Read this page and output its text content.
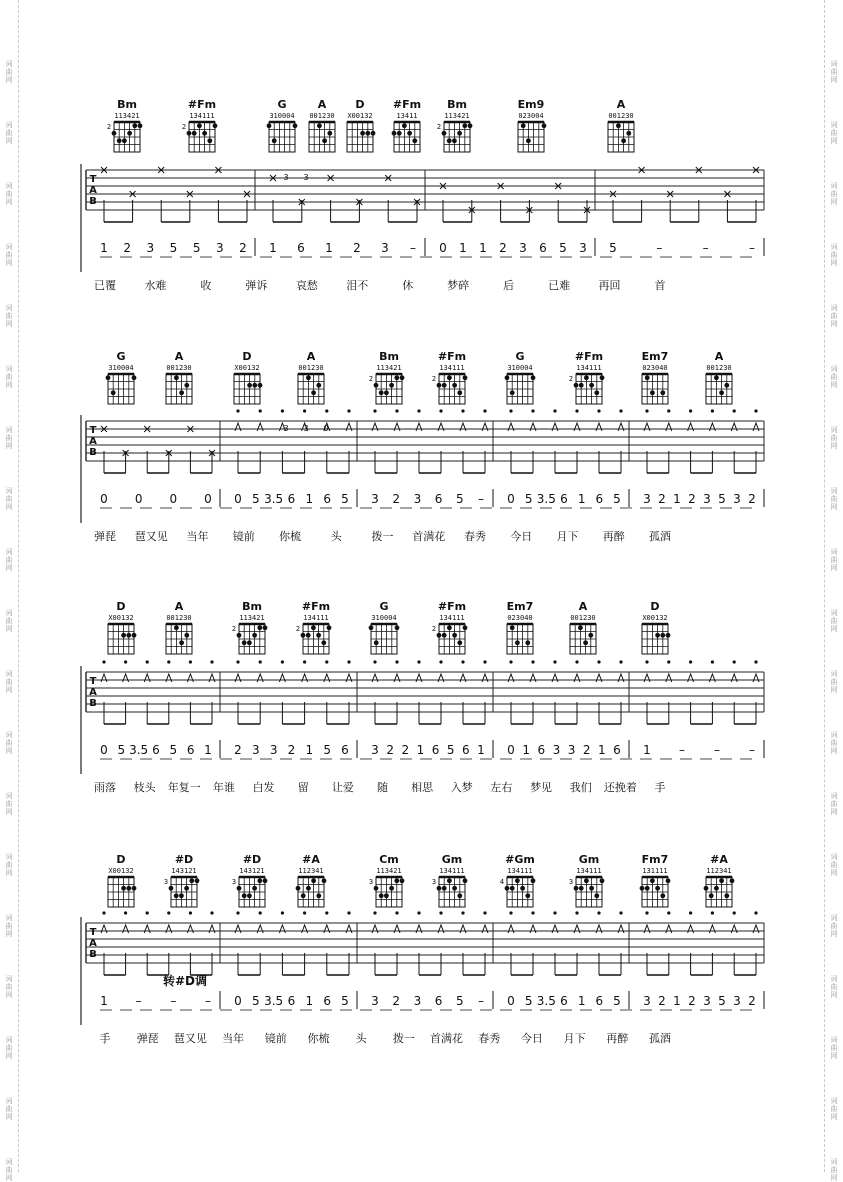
词
曲
网
词
曲
网
词
曲
网
词
曲
网
词
曲
网
词
曲
网
词
曲
网
词
曲
网
词
曲
网
词
曲
网
词
曲
网
词
曲
网
词
曲
网
词
曲
网
词
曲
网
词
曲
网
词
曲
网
词
曲
网
词
曲
网
词
曲
网
词
曲
网
词
曲
网
词
曲
网
词
曲
网
词
曲
网
词
曲
网
词
曲
网
词
曲
网
词
曲
网
词
曲
网
词
曲
网
词
曲
网
词
曲
网
词
曲
网
词
曲
网
词
曲
网
词
曲
网
词
曲
网
Bm
113421
2
#Fm
134111
2
G
310004
A
001230
D
X00132
#Fm
13411
Bm
113421
2
Em9
023004
A
001230
T
A
B
3 3
1 2 3 5 5 3 2 1 6 1 2 3 – 0 1 1 2 3 6 5 3 5	–	–	–
已覆	水难	收	弹诉	哀愁	泪不	休	梦碎	后	已难	再回	首
G
310004
A
001230
D
X00132
A
001230
Bm
113421
2
#Fm
134111
2
G
310004
#Fm
134111
2
Em7
023040
A
001230
T
A
B
3 3 0
0 0 0 0 0 5 3.5 6 1 6 5 3 2 3 6 5 – 0 5 3.5 6 1 6 5 3 2 1 2 3 5 3 2
弹琵 琶又见 当年 镜前 你梳	头	拨一 首满花 春秀 今日 月下 再醉 孤酒
D
X00132
A
001230
Bm
113421
2
#Fm
134111
2
G
310004
#Fm
134111
2
Em7
023040
A
001230
D
X00132
T
A
B
0 5 3.5 6 5 6 1 2 3 3 2 1 5 6 3 2 2 1 6 5 6 1 0 1 6 3 3 2 1 6 1 – – –
雨落 枝头 年复一 年谁 白发 留 让爱 随 相思 入梦 左右 梦见 我们 还挽着 手
D
X00132
#D
143121
3
#D
143121
3
#A
112341
Cm
113421
3
Gm
134111
3
#Gm
134111
4
Gm
134111
3
Fm7
131111
#A
112341
T
A
B
1 – – – 0 5 3.5 6 1 6 5 3 2 3 6 5 – 0 5 3.5 6 1 6 5 3 2 1 2 3 5 3 2
转#D调
手 弹琵 琶又见 当年 镜前 你梳 头 拨一 首满花 春秀 今日 月下 再醉 孤酒
